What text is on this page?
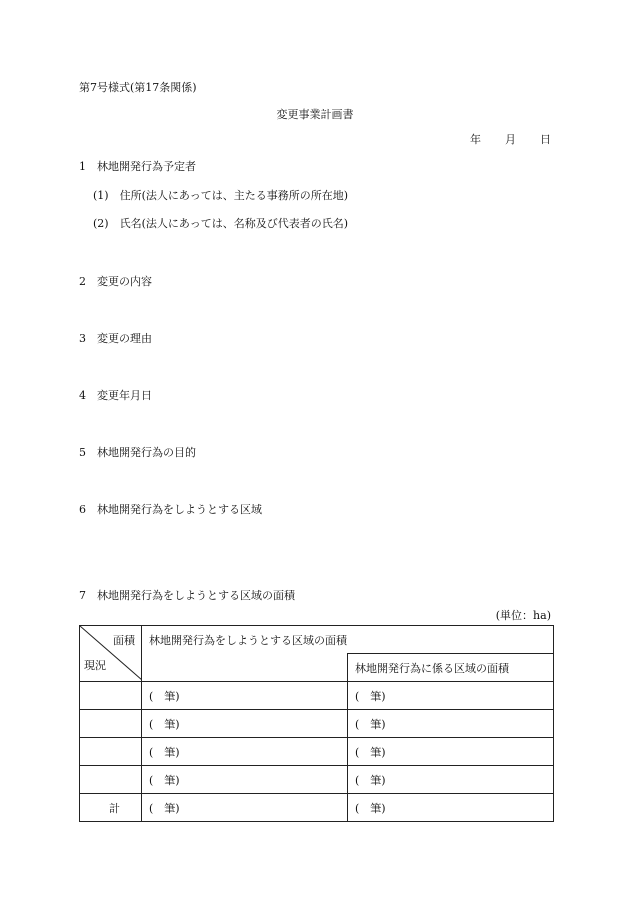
第7号様式(第17条関係)
変更事業計画書
年 月 日
1　林地開発行為予定者
(1)　住所(法人にあっては、主たる事務所の所在地)
(2)　氏名(法人にあっては、名称及び代表者の氏名)
2　変更の内容
3　変更の理由
4　変更年月日
5　林地開発行為の目的
6　林地開発行為をしようとする区域
7　林地開発行為をしようとする区域の面積
(単位：ha)
面積
現況	林地開発行為をしようとする区域の面積	
		林地開発行為に係る区域の面積
	(　筆)	(　筆)
	(　筆)	(　筆)
	(　筆)	(　筆)
	(　筆)	(　筆)
計	(　筆)	(　筆)
